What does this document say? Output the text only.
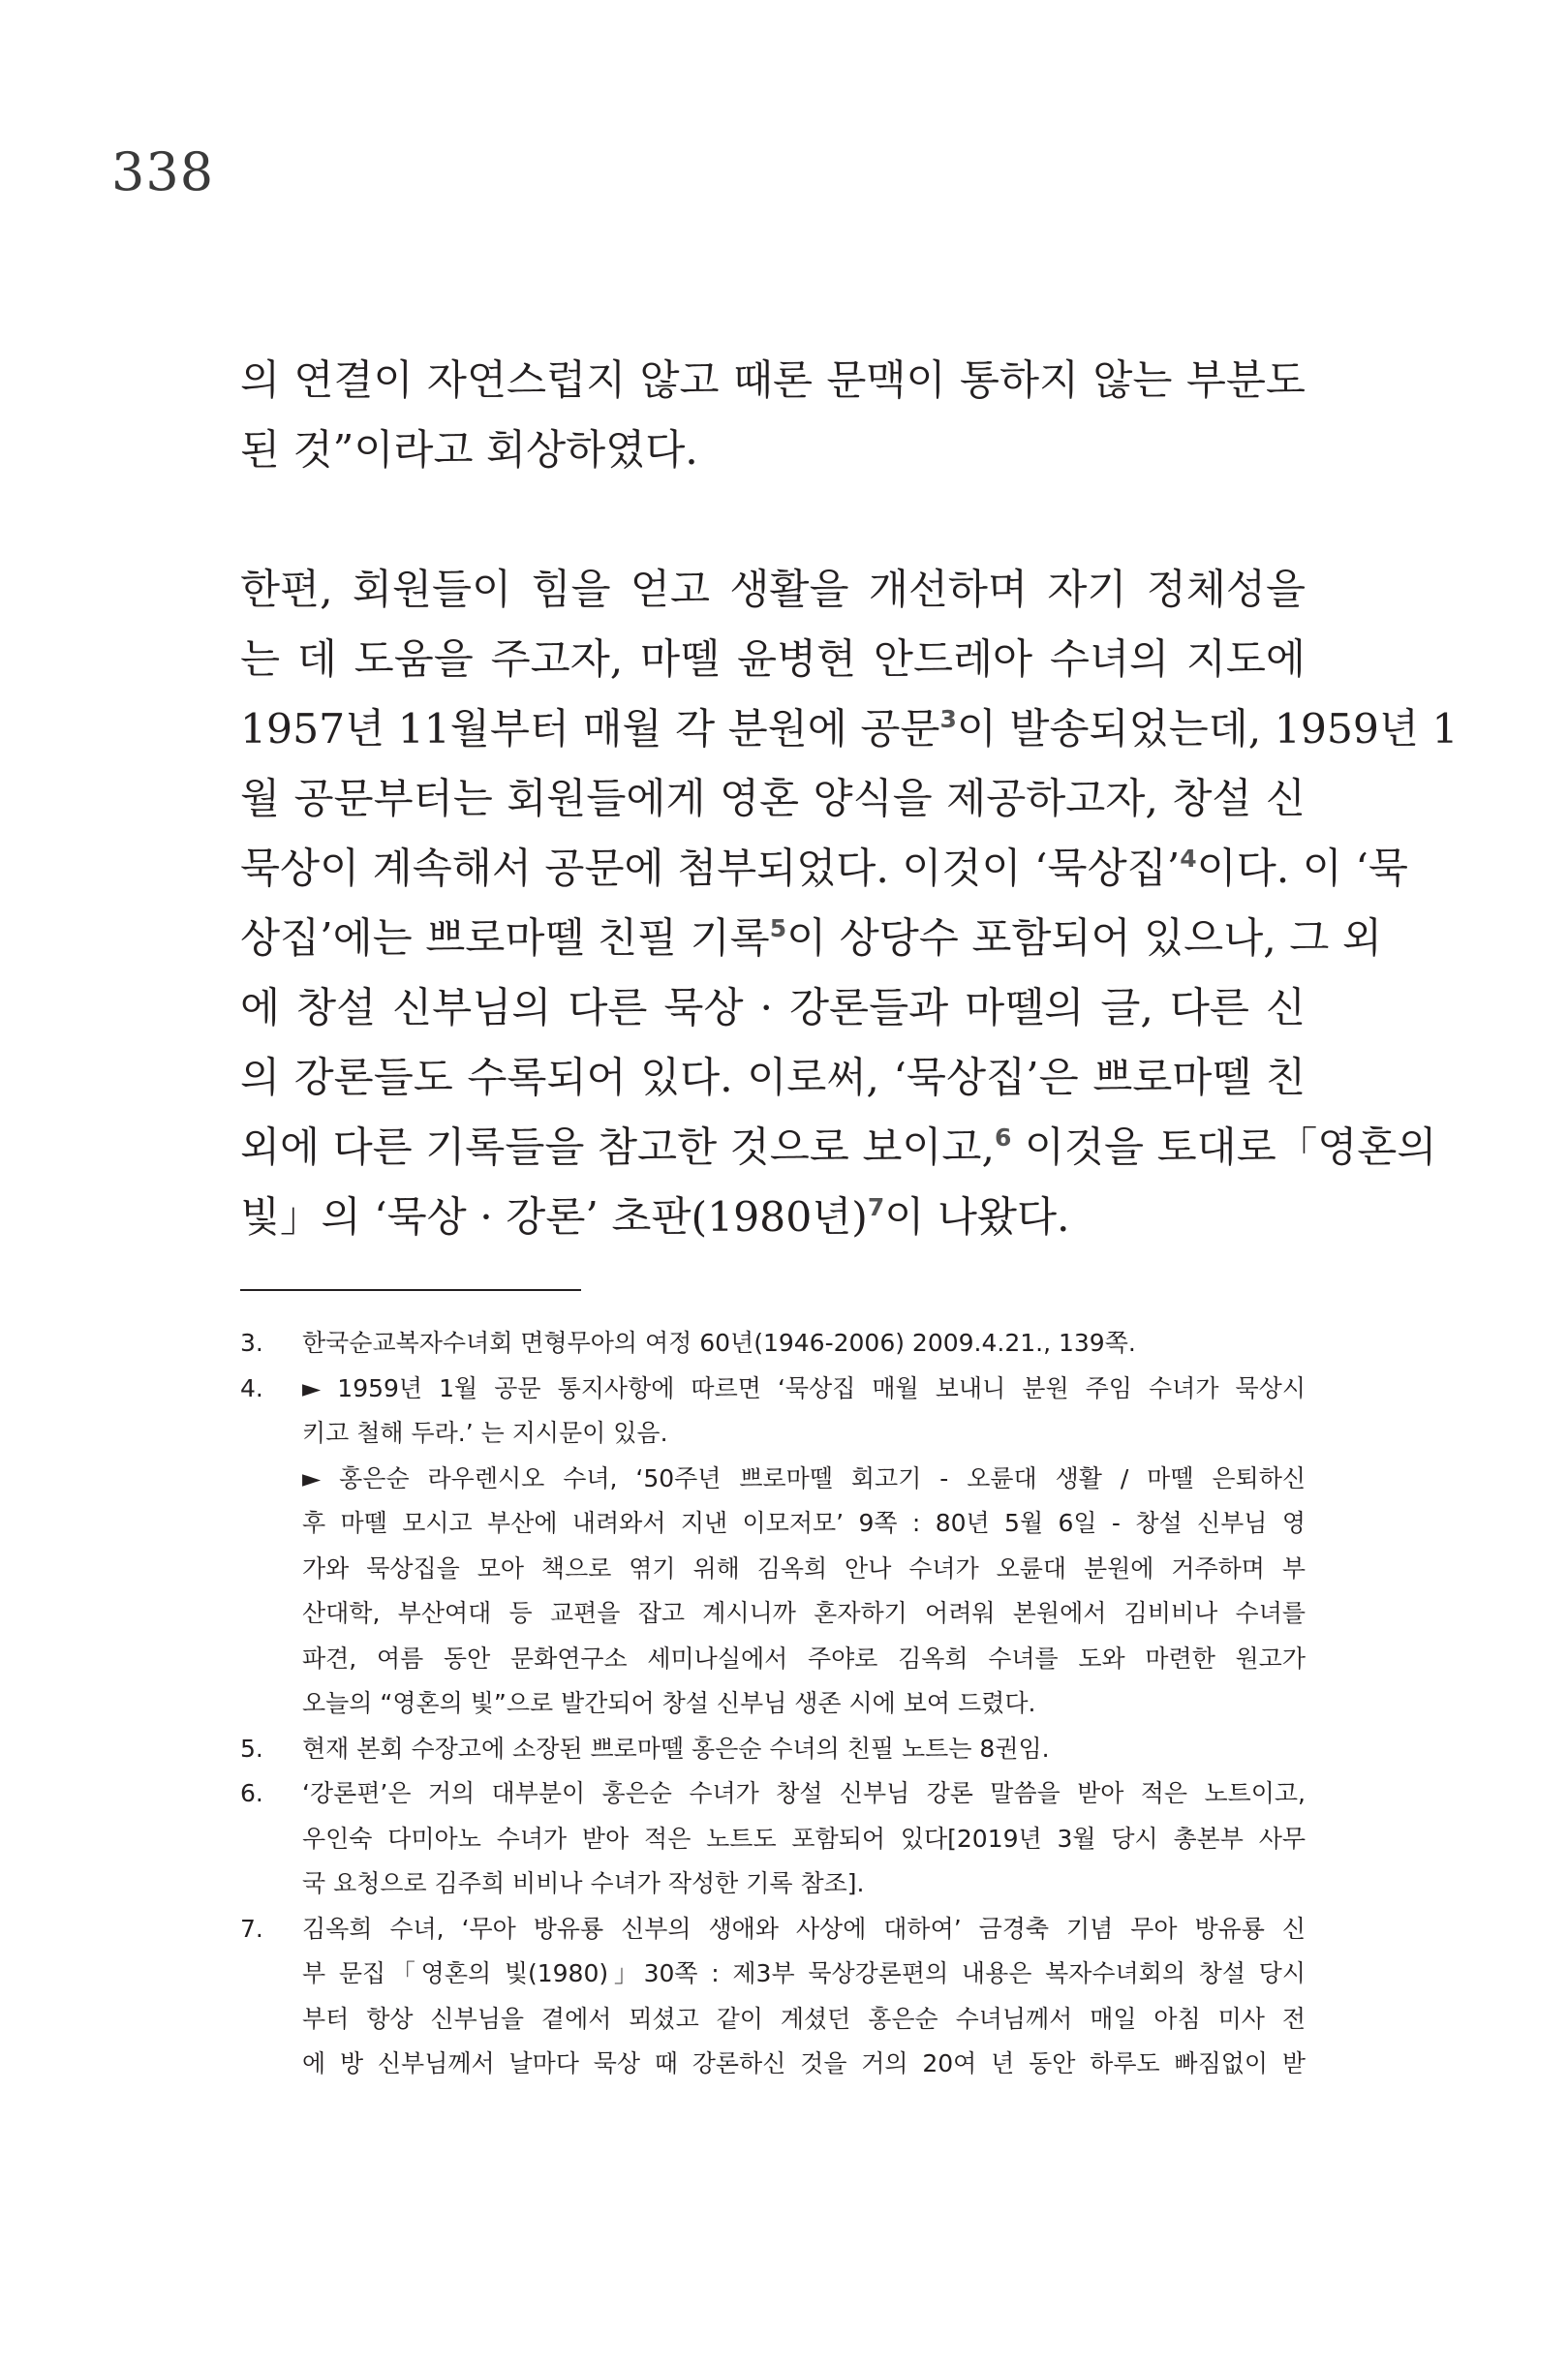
338
의 연결이 자연스럽지 않고 때론 문맥이 통하지 않는 부분도
된 것”이라고 회상하였다.
한편, 회원들이 힘을 얻고 생활을 개선하며 자기 정체성을
는 데 도움을 주고자, 마뗄 윤병현 안드레아 수녀의 지도에
1957년 11월부터 매월 각 분원에 공문$^3$이 발송되었는데, 1959년 1
월 공문부터는 회원들에게 영혼 양식을 제공하고자, 창설 신
묵상이 계속해서 공문에 첨부되었다. 이것이 ‘묵상집’$^4$이다. 이 ‘묵
상집’에는 쁘로마뗄 친필 기록$^5$이 상당수 포함되어 있으나, 그 외
에 창설 신부님의 다른 묵상 · 강론들과 마뗄의 글, 다른 신
의 강론들도 수록되어 있다. 이로써, ‘묵상집’은 쁘로마뗄 친
외에 다른 기록들을 참고한 것으로 보이고,$^6$ 이것을 토대로「영혼의
빛」의 ‘묵상 · 강론’ 초판(1980년)$^7$이 나왔다.
3. 한국순교복자수녀회 면형무아의 여정 60년(1946-2006) 2009.4.21., 139쪽.
4. ► 1959년 1월 공문 통지사항에 따르면 ‘묵상집 매월 보내니 분원 주임 수녀가 묵상시
키고 철해 두라.’ 는 지시문이 있음.
► 홍은순 라우렌시오 수녀, ‘50주년 쁘로마뗄 회고기 - 오륜대 생활 / 마뗄 은퇴하신
후 마뗄 모시고 부산에 내려와서 지낸 이모저모’ 9쪽 : 80년 5월 6일 - 창설 신부님 영
가와 묵상집을 모아 책으로 엮기 위해 김옥희 안나 수녀가 오륜대 분원에 거주하며 부
산대학, 부산여대 등 교편을 잡고 계시니까 혼자하기 어려워 본원에서 김비비나 수녀를
파견, 여름 동안 문화연구소 세미나실에서 주야로 김옥희 수녀를 도와 마련한 원고가
오늘의 “영혼의 빛”으로 발간되어 창설 신부님 생존 시에 보여 드렸다.
5. 현재 본회 수장고에 소장된 쁘로마뗄 홍은순 수녀의 친필 노트는 8권임.
6. ‘강론편’은 거의 대부분이 홍은순 수녀가 창설 신부님 강론 말씀을 받아 적은 노트이고,
우인숙 다미아노 수녀가 받아 적은 노트도 포함되어 있다[2019년 3월 당시 총본부 사무
국 요청으로 김주희 비비나 수녀가 작성한 기록 참조].
7. 김옥희 수녀, ‘무아 방유룡 신부의 생애와 사상에 대하여’ 금경축 기념 무아 방유룡 신
부 문집「영혼의 빛(1980)」30쪽 : 제3부 묵상강론편의 내용은 복자수녀회의 창설 당시
부터 항상 신부님을 곁에서 뫼셨고 같이 계셨던 홍은순 수녀님께서 매일 아침 미사 전
에 방 신부님께서 날마다 묵상 때 강론하신 것을 거의 20여 년 동안 하루도 빠짐없이 받
